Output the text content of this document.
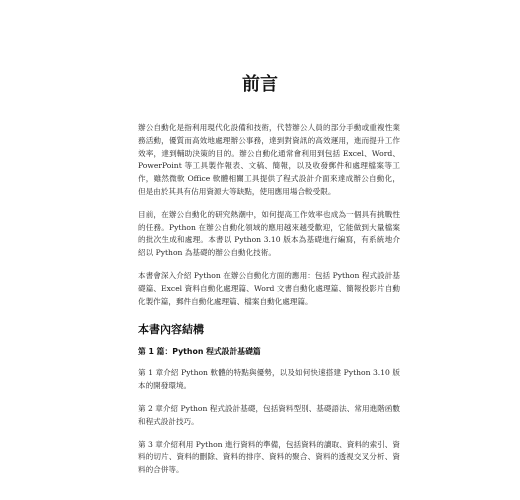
前言

辦公自動化是指利用現代化設備和技術，代替辦公人員的部分手動或重複性業務活動，優質而高效地處理辦公事務，達到對資訊的高效運用，進而提升工作效率，達到輔助決策的目的。辦公自動化通常會利用到包括 Excel、Word、PowerPoint 等工具製作報表、文稿、簡報，以及收發郵件和處理檔案等工作，雖然微軟 Office 軟體相關工具提供了程式設計介面來達成辦公自動化，但是由於其具有佔用資源大等缺點，使用應用場合較受限。

目前，在辦公自動化的研究熱潮中，如何提高工作效率也成為一個具有挑戰性的任務。Python 在辦公自動化領域的應用越來越受歡迎，它能做到大量檔案的批次生成和處理。本書以 Python 3.10 版本為基礎進行編寫，有系統地介紹以 Python 為基礎的辦公自動化技術。

本書會深入介紹 Python 在辦公自動化方面的應用：包括 Python 程式設計基礎篇、Excel 資料自動化處理篇、Word 文書自動化處理篇、簡報投影片自動化製作篇，郵件自動化處理篇、檔案自動化處理篇。

本書內容結構
第 1 篇：Python 程式設計基礎篇

第 1 章介紹 Python 軟體的特點與優勢，以及如何快速搭建 Python 3.10 版本的開發環境。

第 2 章介紹 Python 程式設計基礎，包括資料型別、基礎語法、常用進階函數和程式設計技巧。

第 3 章介紹利用 Python 進行資料的準備，包括資料的讀取、資料的索引、資料的切片、資料的刪除、資料的排序、資料的聚合、資料的透視交叉分析、資料的合併等。
